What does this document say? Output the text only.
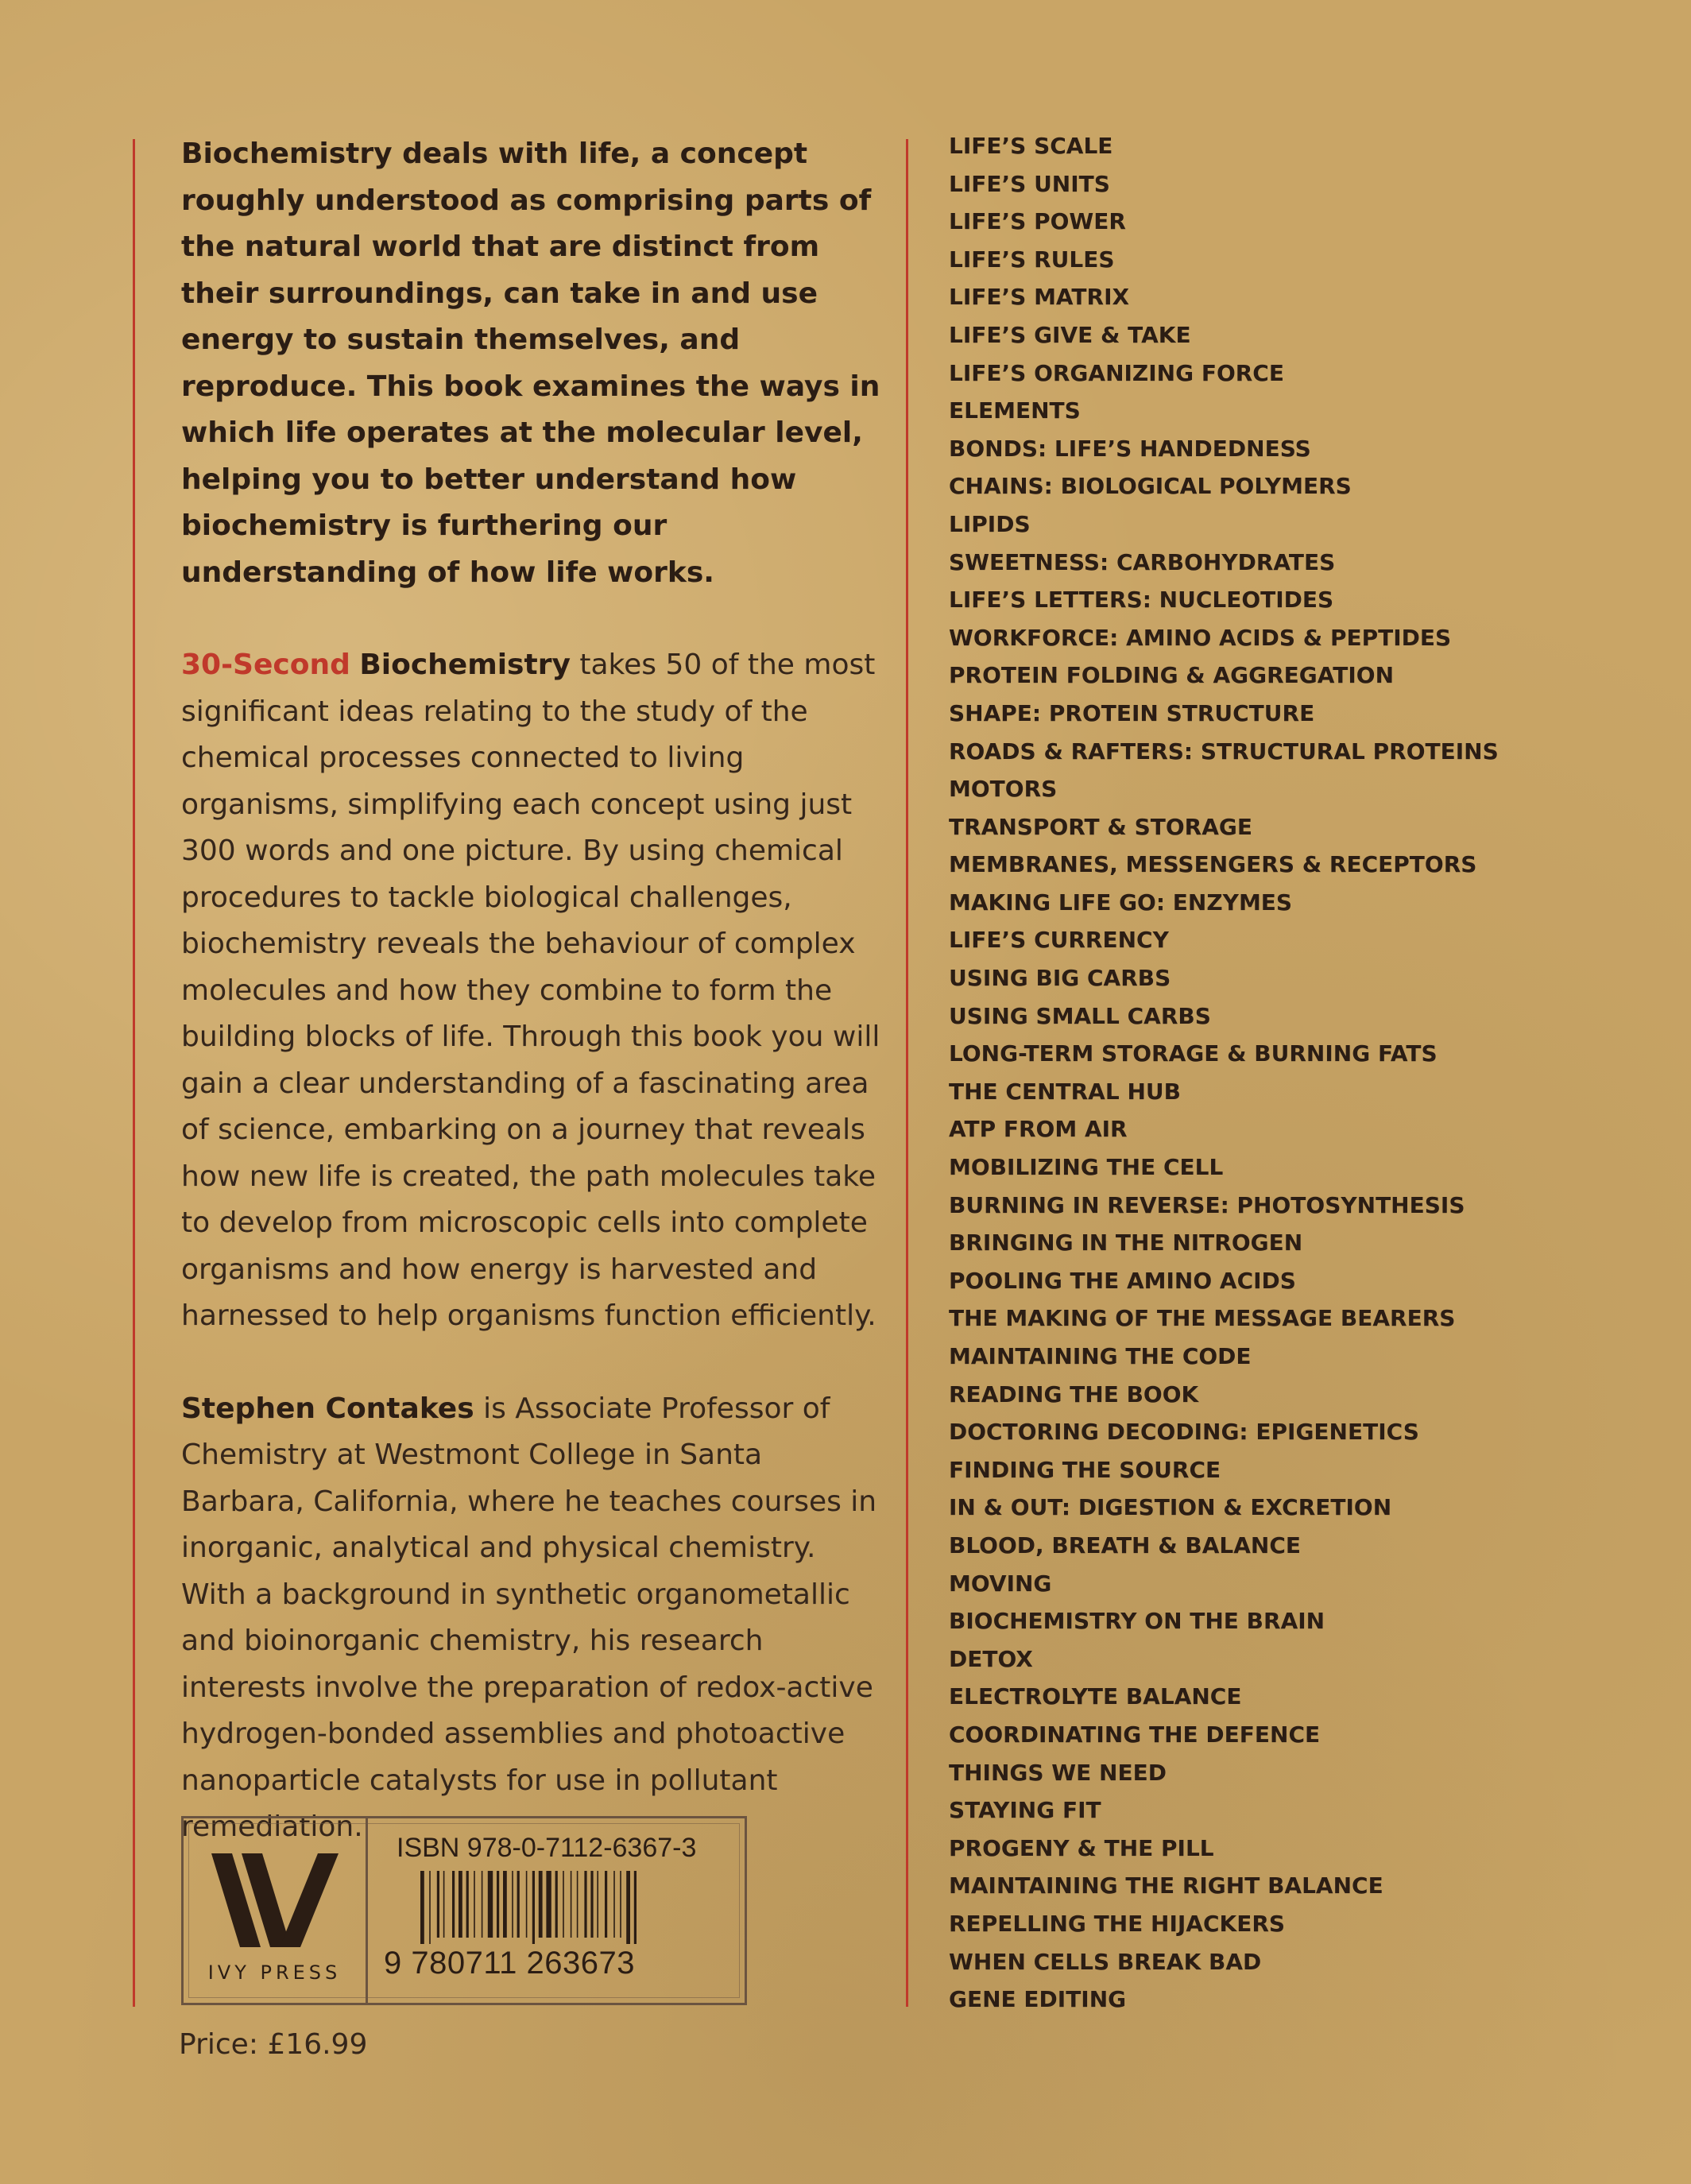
Biochemistry deals with life, a concept roughly understood as comprising parts of the natural world that are distinct from their surroundings, can take in and use energy to sustain themselves, and reproduce. This book examines the ways in which life operates at the molecular level, helping you to better understand how biochemistry is furthering our understanding of how life works.

30-Second Biochemistry takes 50 of the most significant ideas relating to the study of the chemical processes connected to living organisms, simplifying each concept using just 300 words and one picture. By using chemical procedures to tackle biological challenges, biochemistry reveals the behaviour of complex molecules and how they combine to form the building blocks of life. Through this book you will gain a clear understanding of a fascinating area of science, embarking on a journey that reveals how new life is created, the path molecules take to develop from microscopic cells into complete organisms and how energy is harvested and harnessed to help organisms function efficiently.

Stephen Contakes is Associate Professor of Chemistry at Westmont College in Santa Barbara, California, where he teaches courses in inorganic, analytical and physical chemistry. With a background in synthetic organometallic and bioinorganic chemistry, his research interests involve the preparation of redox-active hydrogen-bonded assemblies and photoactive nanoparticle catalysts for use in pollutant remediation.

IVY PRESS
ISBN 978-0-7112-6367-3
9 780711 263673
Price: £16.99
LIFE’S SCALE
LIFE’S UNITS
LIFE’S POWER
LIFE’S RULES
LIFE’S MATRIX
LIFE’S GIVE & TAKE
LIFE’S ORGANIZING FORCE
ELEMENTS
BONDS: LIFE’S HANDEDNESS
CHAINS: BIOLOGICAL POLYMERS
LIPIDS
SWEETNESS: CARBOHYDRATES
LIFE’S LETTERS: NUCLEOTIDES
WORKFORCE: AMINO ACIDS & PEPTIDES
PROTEIN FOLDING & AGGREGATION
SHAPE: PROTEIN STRUCTURE
ROADS & RAFTERS: STRUCTURAL PROTEINS
MOTORS
TRANSPORT & STORAGE
MEMBRANES, MESSENGERS & RECEPTORS
MAKING LIFE GO: ENZYMES
LIFE’S CURRENCY
USING BIG CARBS
USING SMALL CARBS
LONG-TERM STORAGE & BURNING FATS
THE CENTRAL HUB
ATP FROM AIR
MOBILIZING THE CELL
BURNING IN REVERSE: PHOTOSYNTHESIS
BRINGING IN THE NITROGEN
POOLING THE AMINO ACIDS
THE MAKING OF THE MESSAGE BEARERS
MAINTAINING THE CODE
READING THE BOOK
DOCTORING DECODING: EPIGENETICS
FINDING THE SOURCE
IN & OUT: DIGESTION & EXCRETION
BLOOD, BREATH & BALANCE
MOVING
BIOCHEMISTRY ON THE BRAIN
DETOX
ELECTROLYTE BALANCE
COORDINATING THE DEFENCE
THINGS WE NEED
STAYING FIT
PROGENY & THE PILL
MAINTAINING THE RIGHT BALANCE
REPELLING THE HIJACKERS
WHEN CELLS BREAK BAD
GENE EDITING
